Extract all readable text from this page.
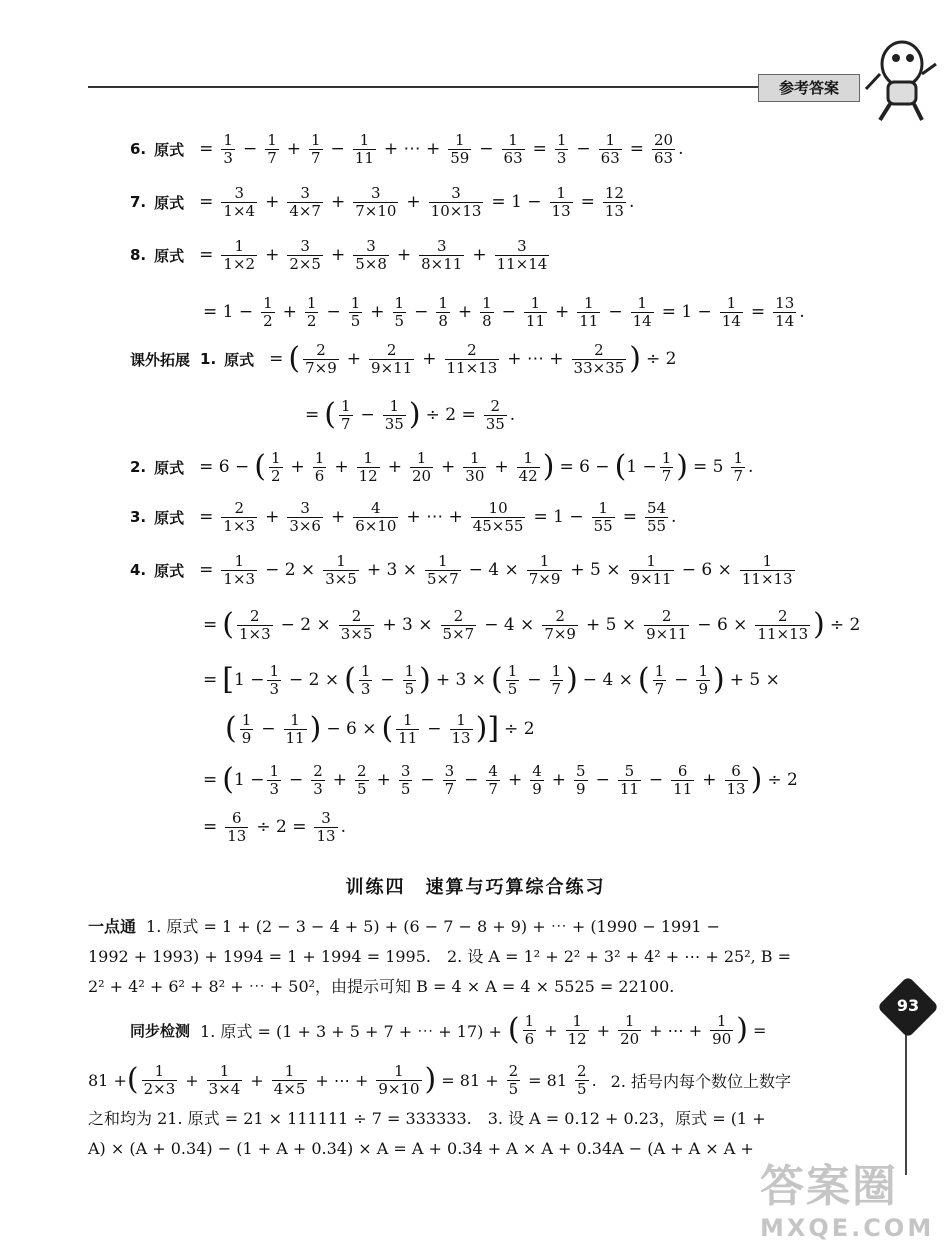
参考答案
6. 原式 = $\frac{1}{3} - \frac{1}{7} + \frac{1}{7} - \frac{1}{11}$ + ⋯ + $\frac{1}{59} - \frac{1}{63} = \frac{1}{3} - \frac{1}{63} = \frac{20}{63}$ .
7. 原式 = $\frac{3}{1\times 4} + \frac{3}{4\times 7} + \frac{3}{7\times 10} + \frac{3}{10\times 13} = 1 - \frac{1}{13} = \frac{12}{13}$ .
8. 原式 = $\frac{1}{1\times 2} + \frac{3}{2\times 5} + \frac{3}{5\times 8} + \frac{3}{8\times 11} + \frac{3}{11\times 14}$
= $1 - \frac{1}{2} + \frac{1}{2} - \frac{1}{5} + \frac{1}{5} - \frac{1}{8} + \frac{1}{8} - \frac{1}{11} + \frac{1}{11} - \frac{1}{14} = 1 - \frac{1}{14} = \frac{13}{14}$ .
课外拓展 1. 原式 = ( $\frac{2}{7\times 9} + \frac{2}{9\times 11} + \frac{2}{11\times 13}$ + ⋯ + $\frac{2}{33\times 35}$ ) ÷ 2
= ( $\frac{1}{7} - \frac{1}{35}$ ) ÷ $2 = \frac{2}{35}$ .
2. 原式 = 6 − ( $\frac{1}{2} + \frac{1}{6} + \frac{1}{12} + \frac{1}{20} + \frac{1}{30} + \frac{1}{42}$ ) = 6 − ( $1 - \frac{1}{7}$ ) = $5 \frac{1}{7}$ .
3. 原式 = $\frac{2}{1\times 3} + \frac{3}{3\times 6} + \frac{4}{6\times 10}$ + ⋯ + $\frac{10}{45\times 55} = 1 - \frac{1}{55} = \frac{54}{55}$ .
4. 原式 = $\frac{1}{1\times 3} - 2 \times \frac{1}{3\times 5} + 3 \times \frac{1}{5\times 7} - 4 \times \frac{1}{7\times 9} + 5 \times \frac{1}{9\times 11} - 6 \times \frac{1}{11\times 13}$
= ( $\frac{2}{1\times 3} - 2 \times \frac{2}{3\times 5} + 3 \times \frac{2}{5\times 7} - 4 \times \frac{2}{7\times 9} + 5 \times \frac{2}{9\times 11} - 6 \times \frac{2}{11\times 13}$ ) ÷ 2
= [ $1 - \frac{1}{3} - 2$ × ( $\frac{1}{3} - \frac{1}{5}$ ) + 3 × ( $\frac{1}{5} - \frac{1}{7}$ ) − 4 × ( $\frac{1}{7} - \frac{1}{9}$ ) + 5 ×
( $\frac{1}{9} - \frac{1}{11}$ ) − 6 × ( $\frac{1}{11} - \frac{1}{13}$ ) ] ÷ 2
= ( $1 - \frac{1}{3} - \frac{2}{3} + \frac{2}{5} + \frac{3}{5} - \frac{3}{7} - \frac{4}{7} + \frac{4}{9} + \frac{5}{9} - \frac{5}{11} - \frac{6}{11} + \frac{6}{13}$ ) ÷ 2
= $\frac{6}{13} \div 2 = \frac{3}{13}$ .
训练四　速算与巧算综合练习
一点通 1. 原式 = 1 + (2 − 3 − 4 + 5) + (6 − 7 − 8 + 9) + ⋯ + (1990 − 1991 −
1992 + 1993) + 1994 = 1 + 1994 = 1995.　2. 设 A = 1² + 2² + 3² + 4² + ⋯ + 25², B =
2² + 4² + 6² + 8² + ⋯ + 50²，由提示可知 B = 4 × A = 4 × 5525 = 22100.
同步检测 1. 原式 = (1 + 3 + 5 + 7 + ⋯ + 17) + ( $\frac{1}{6} + \frac{1}{12} + \frac{1}{20}$ + ⋯ + $\frac{1}{90}$ ) =
81 + ( $\frac{1}{2\times 3} + \frac{1}{3\times 4} + \frac{1}{4\times 5}$ + ⋯ + $\frac{1}{9\times 10}$ ) = $81 + \frac{2}{5} = 81 \frac{2}{5}$ . 2. 括号内每个数位上数字
之和均为 21. 原式 = 21 × 111111 ÷ 7 = 333333.　3. 设 A = 0.12 + 0.23，原式 = (1 +
A) × (A + 0.34) − (1 + A + 0.34) × A = A + 0.34 + A × A + 0.34A − (A + A × A +
93
答案圈
MXQE.COM
